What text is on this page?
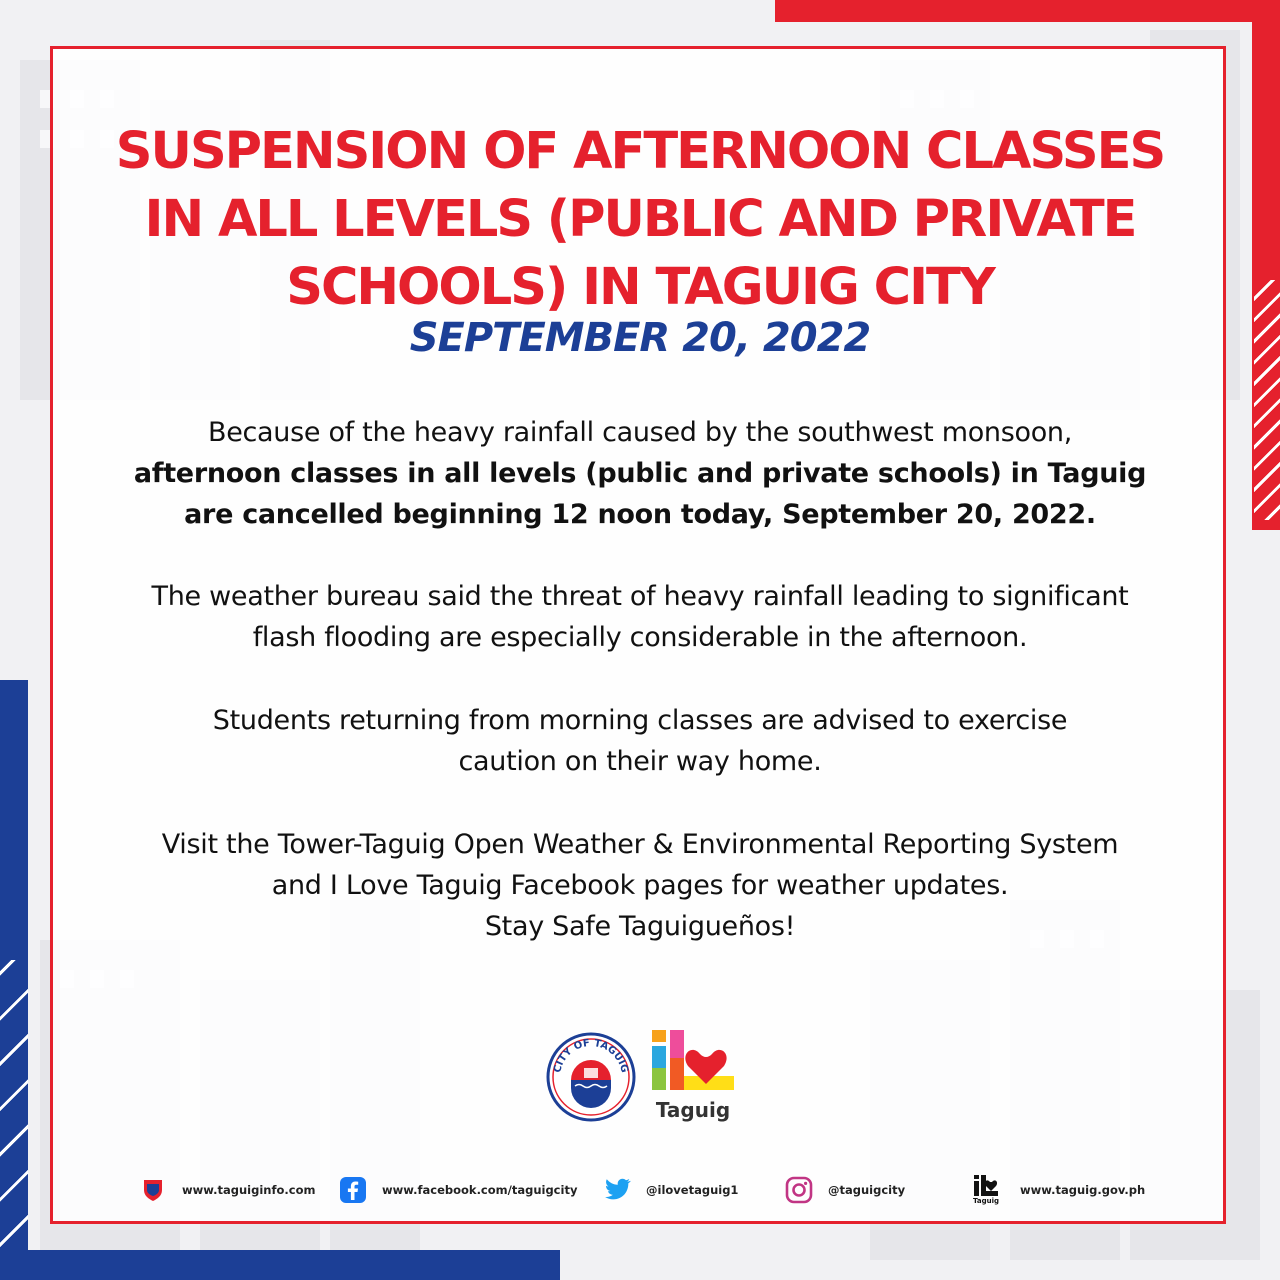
SUSPENSION OF AFTERNOON CLASSES
IN ALL LEVELS (PUBLIC AND PRIVATE
SCHOOLS) IN TAGUIG CITY
SEPTEMBER 20, 2022

Because of the heavy rainfall caused by the southwest monsoon,
afternoon classes in all levels (public and private schools) in Taguig
are cancelled beginning 12 noon today, September 20, 2022.

The weather bureau said the threat of heavy rainfall leading to significant
flash flooding are especially considerable in the afternoon.

Students returning from morning classes are advised to exercise
caution on their way home.

Visit the Tower-Taguig Open Weather & Environmental Reporting System
and I Love Taguig Facebook pages for weather updates.
Stay Safe Taguigueños!

CITY OF TAGUIG
Taguig
www.taguiginfo.com	www.facebook.com/taguigcity	@ilovetaguig1	@taguigcity
Taguig
www.taguig.gov.ph
